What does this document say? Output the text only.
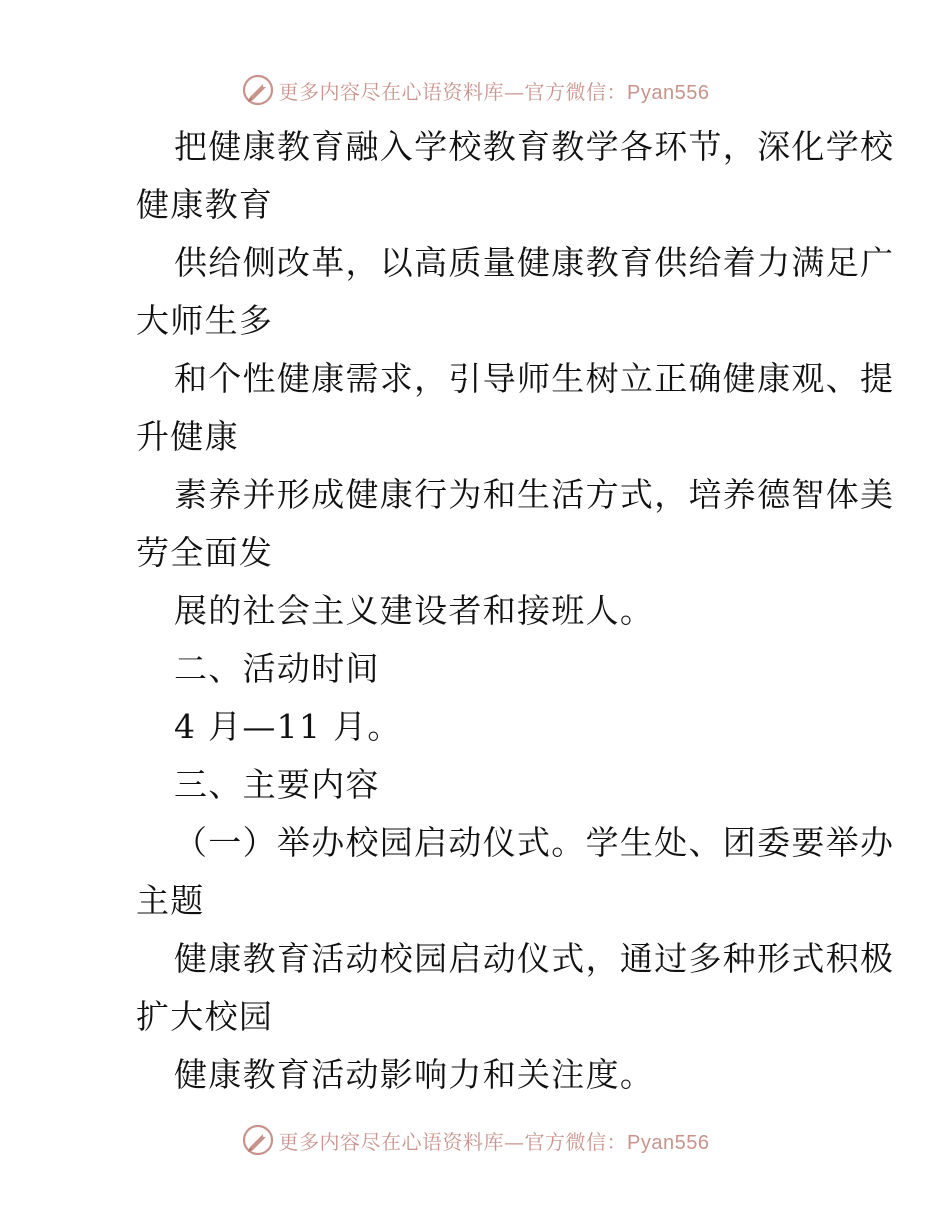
更多内容尽在心语资料库—官方微信：Pyan556
把健康教育融入学校教育教学各环节，深化学校
健康教育
供给侧改革，以高质量健康教育供给着力满足广
大师生多
和个性健康需求，引导师生树立正确健康观、提
升健康
素养并形成健康行为和生活方式，培养德智体美
劳全面发
展的社会主义建设者和接班人。
二、活动时间
4 月—11 月。
三、主要内容
（一）举办校园启动仪式。学生处、团委要举办
主题
健康教育活动校园启动仪式，通过多种形式积极
扩大校园
健康教育活动影响力和关注度。
更多内容尽在心语资料库—官方微信：Pyan556
